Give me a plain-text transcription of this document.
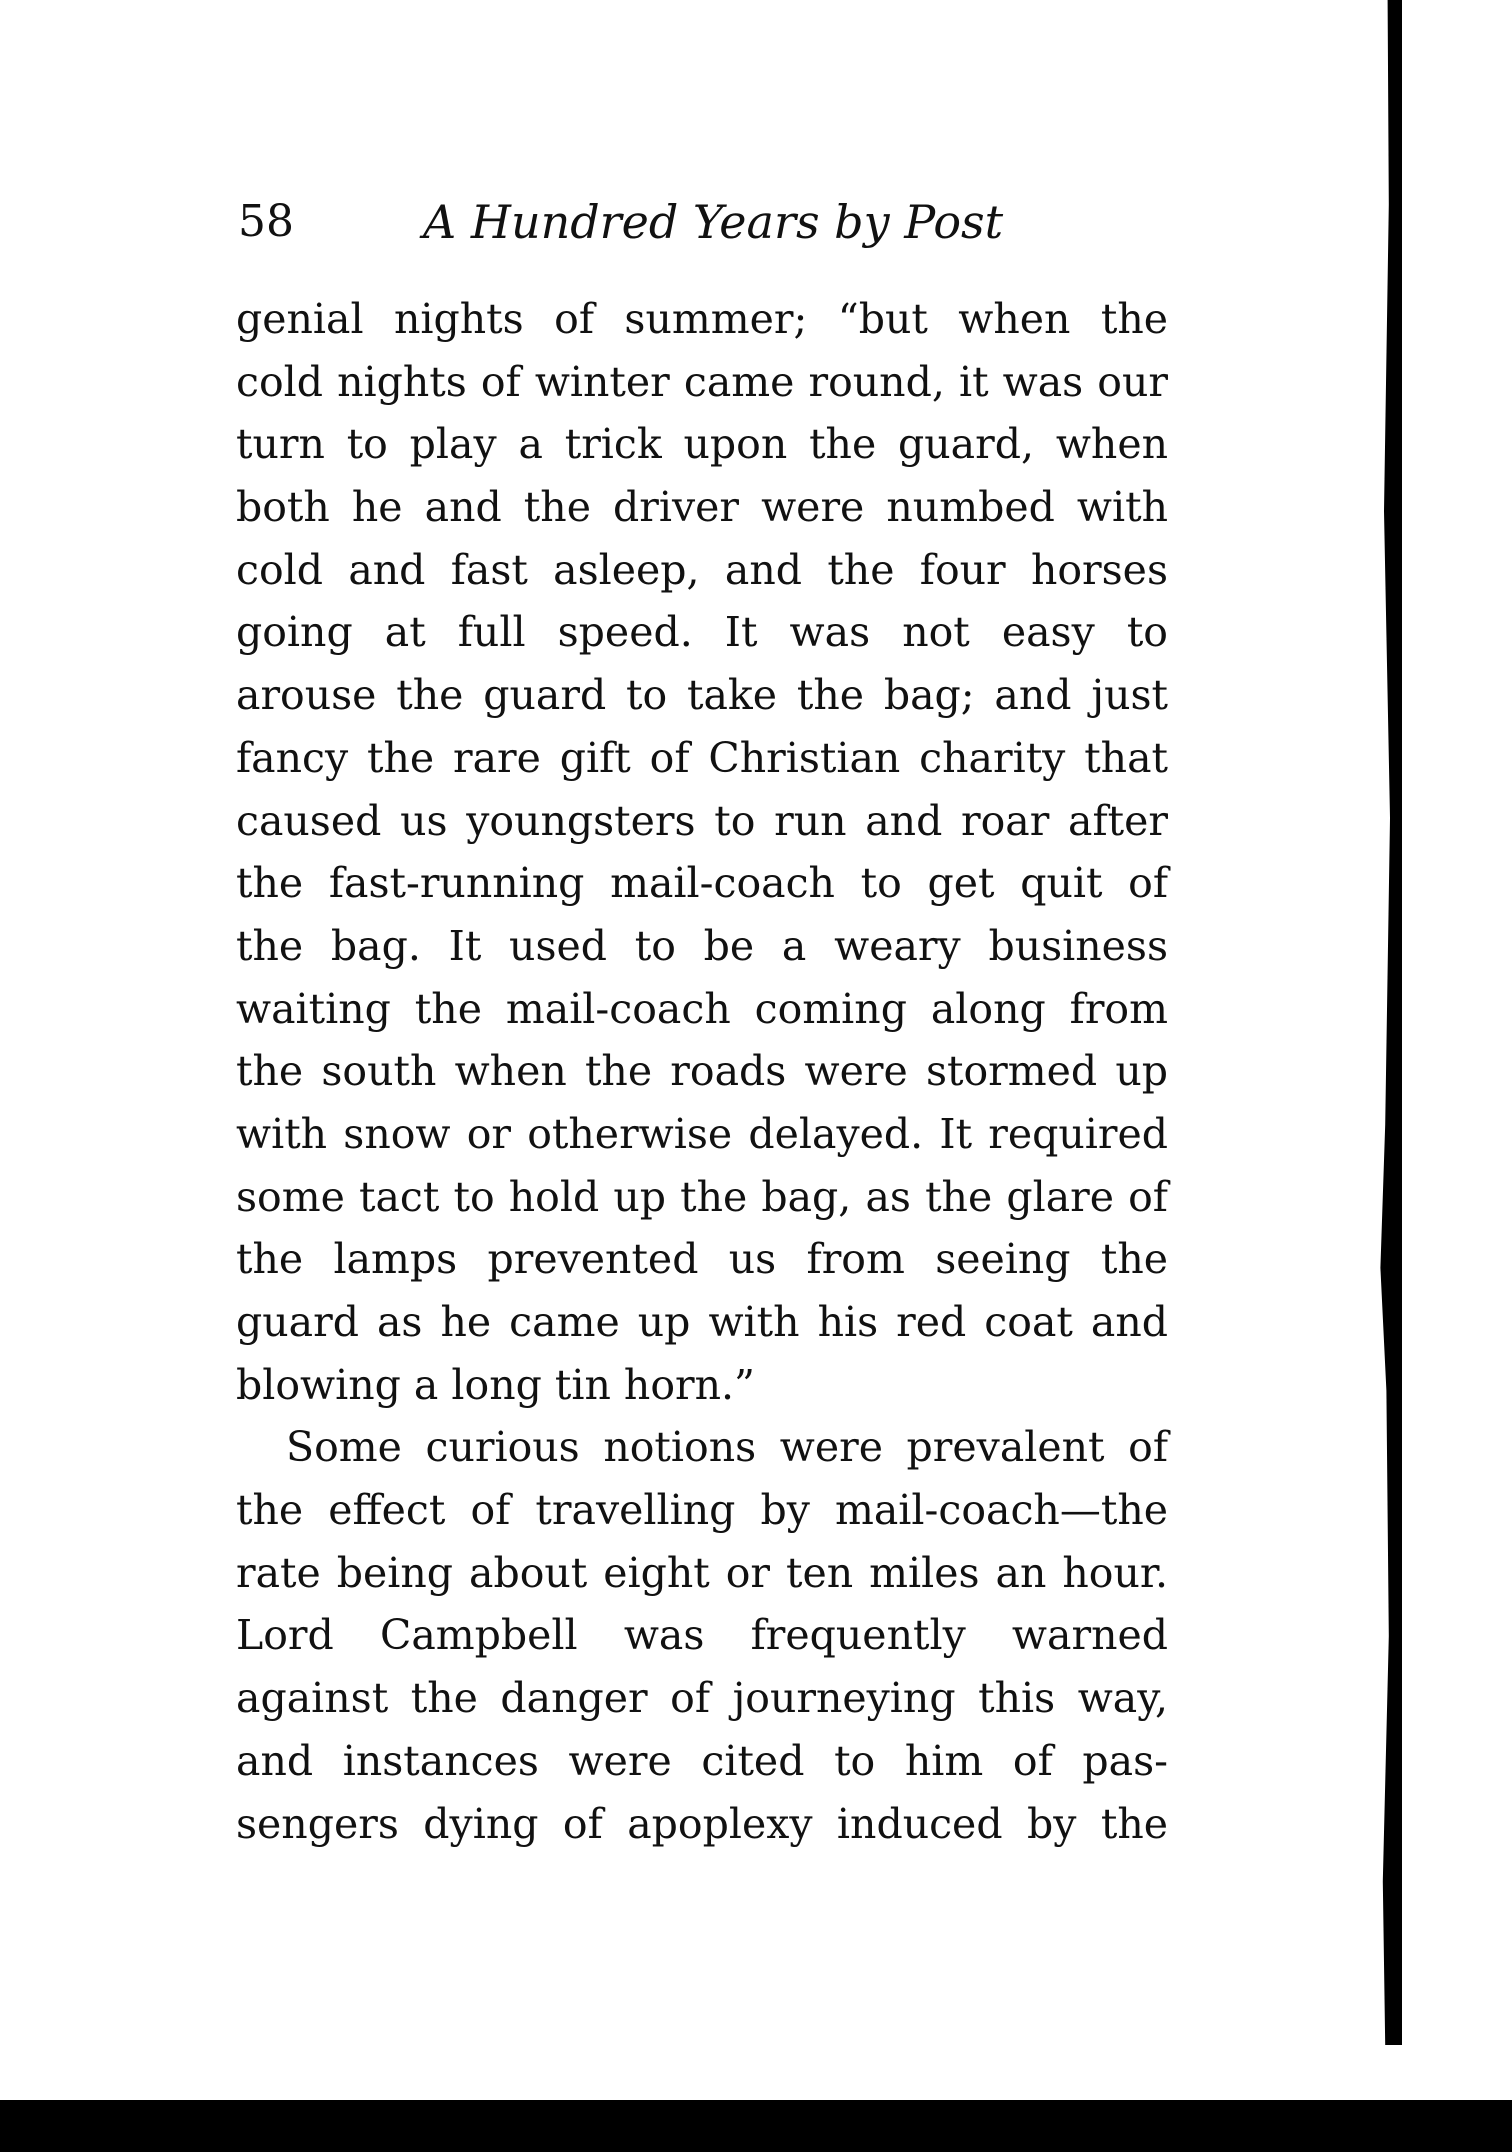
58	A Hundred Years by Post
genial nights of summer; “but when the
cold nights of winter came round, it was our
turn to play a trick upon the guard, when
both he and the driver were numbed with
cold and fast asleep, and the four horses
going at full speed. It was not easy to
arouse the guard to take the bag; and just
fancy the rare gift of Christian charity that
caused us youngsters to run and roar after
the fast-running mail-coach to get quit of
the bag. It used to be a weary business
waiting the mail-coach coming along from
the south when the roads were stormed up
with snow or otherwise delayed. It required
some tact to hold up the bag, as the glare of
the lamps prevented us from seeing the
guard as he came up with his red coat and
blowing a long tin horn.”
Some curious notions were prevalent of
the effect of travelling by mail-coach—the
rate being about eight or ten miles an hour.
Lord Campbell was frequently warned
against the danger of journeying this way,
and instances were cited to him of pas-
sengers dying of apoplexy induced by the
